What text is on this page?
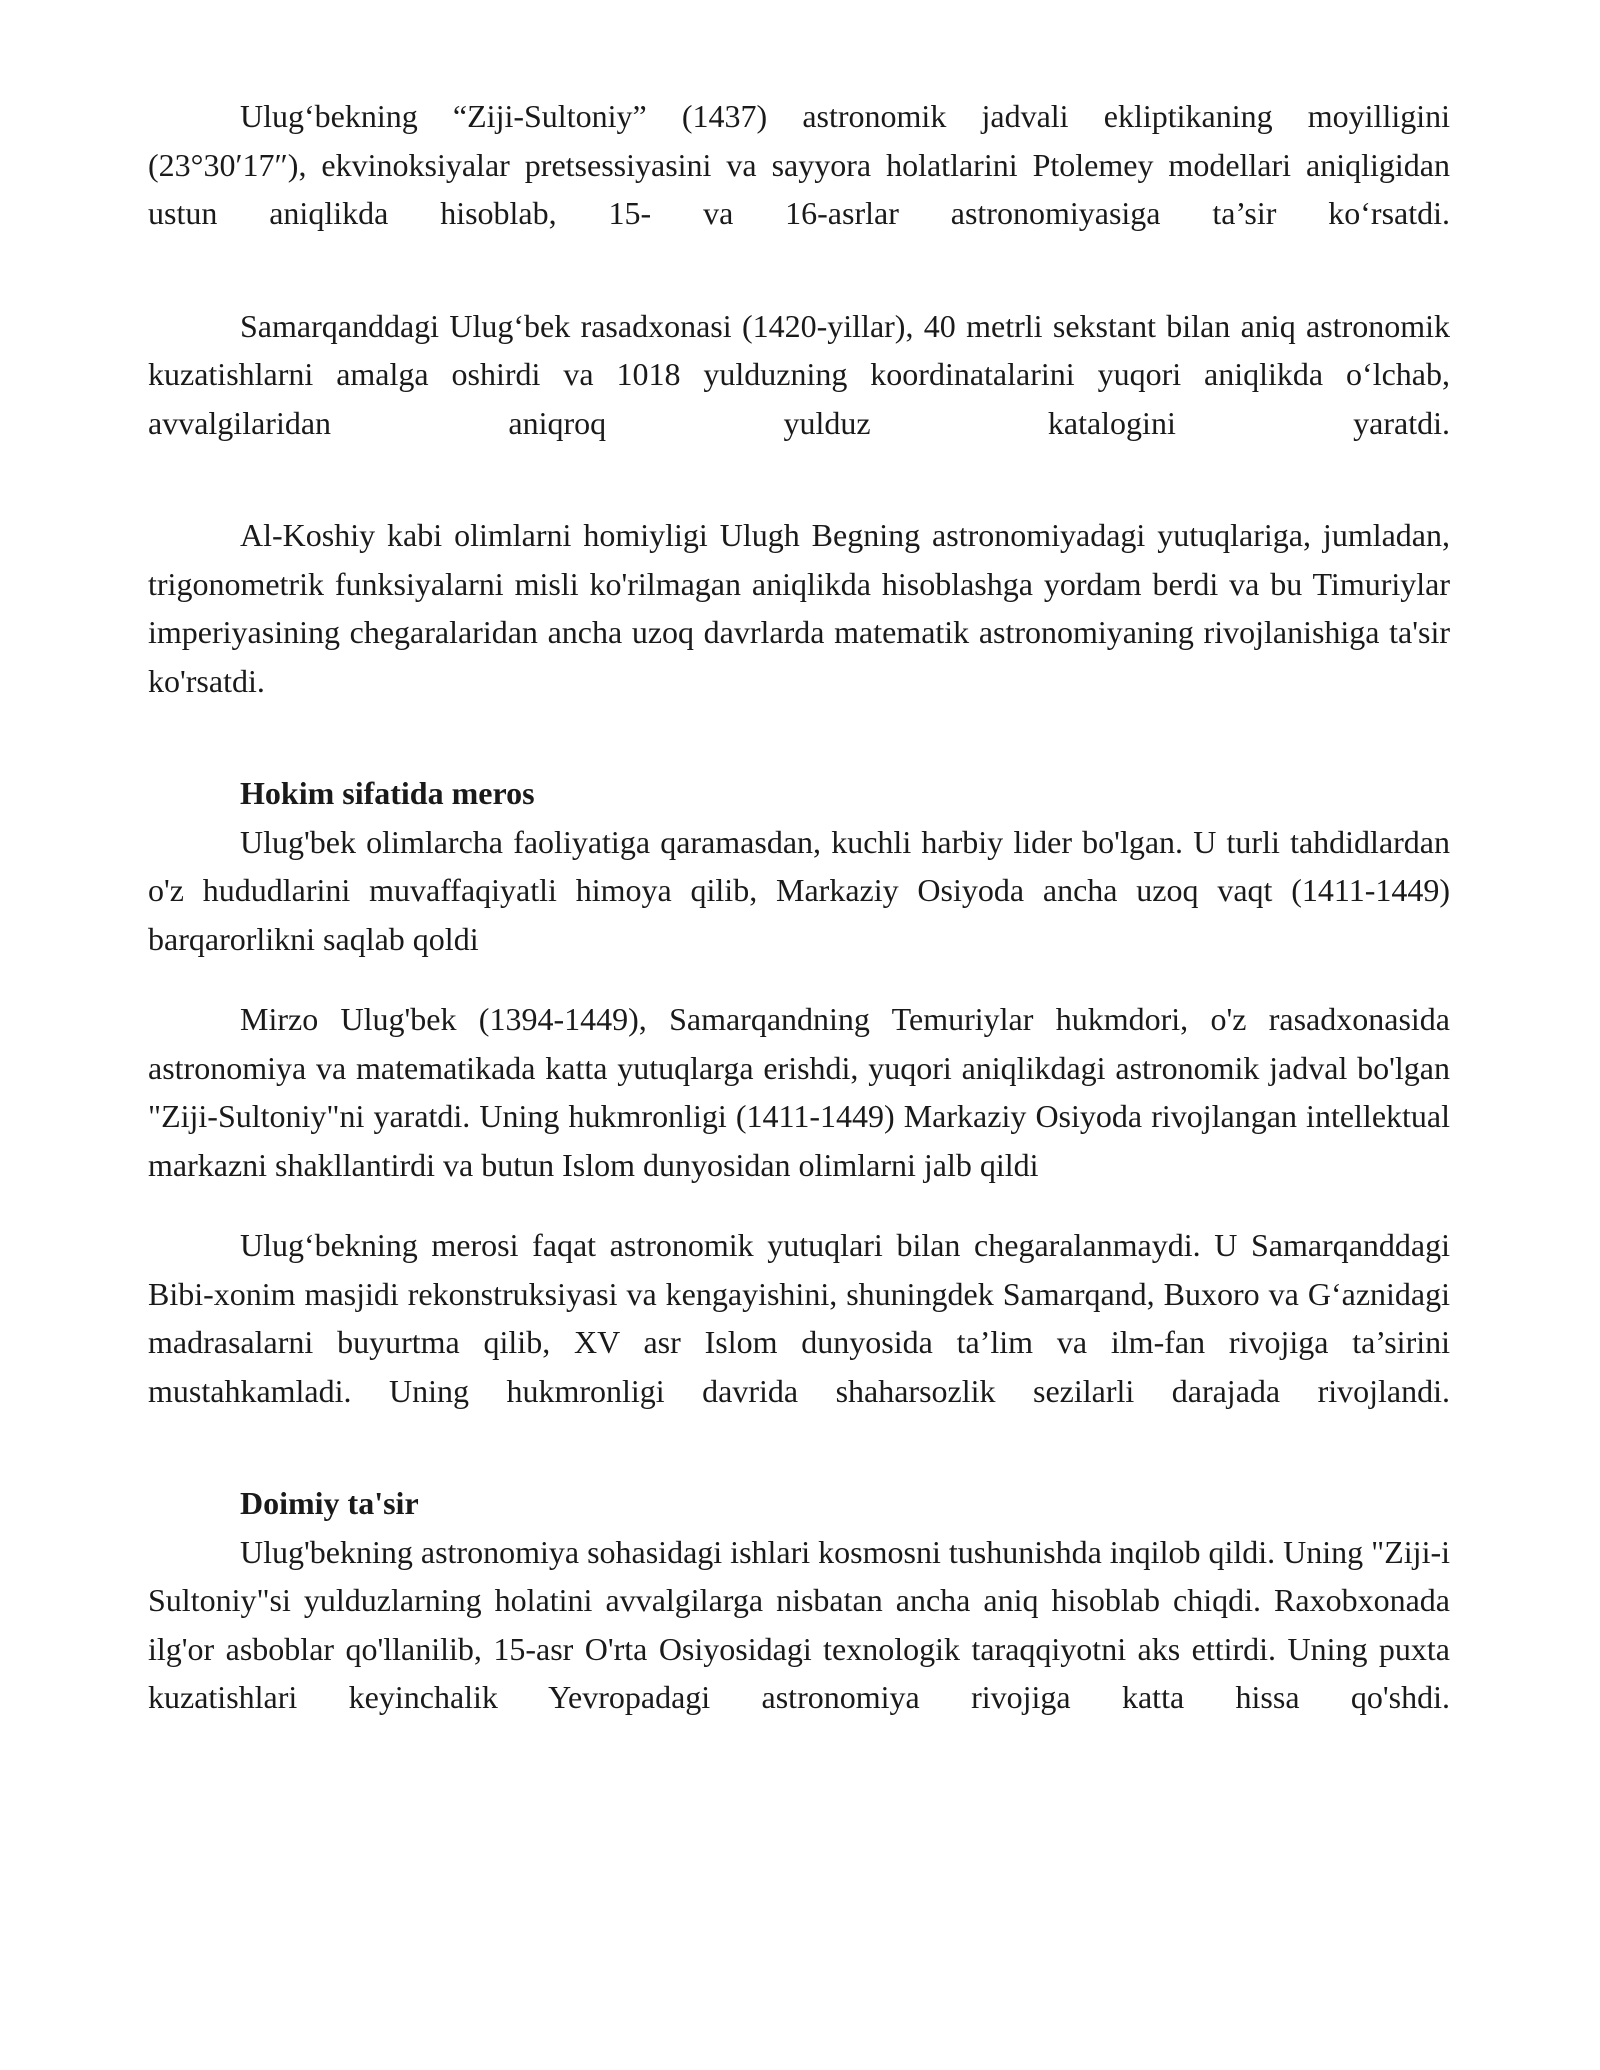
Ulug‘bekning “Ziji-Sultoniy” (1437) astronomik jadvali ekliptikaning moyilligini (23°30′17″), ekvinoksiyalar pretsessiyasini va sayyora holatlarini Ptolemey modellari aniqligidan ustun aniqlikda hisoblab, 15- va 16-asrlar astronomiyasiga ta’sir ko‘rsatdi.

Samarqanddagi Ulug‘bek rasadxonasi (1420-yillar), 40 metrli sekstant bilan aniq astronomik kuzatishlarni amalga oshirdi va 1018 yulduzning koordinatalarini yuqori aniqlikda o‘lchab, avvalgilaridan aniqroq yulduz katalogini yaratdi.

Al-Koshiy kabi olimlarni homiyligi Ulugh Begning astronomiyadagi yutuqlariga, jumladan, trigonometrik funksiyalarni misli ko'rilmagan aniqlikda hisoblashga yordam berdi va bu Timuriylar imperiyasining chegaralaridan ancha uzoq davrlarda matematik astronomiyaning rivojlanishiga ta'sir ko'rsatdi.

Hokim sifatida meros

Ulug'bek olimlarcha faoliyatiga qaramasdan, kuchli harbiy lider bo'lgan. U turli tahdidlardan o'z hududlarini muvaffaqiyatli himoya qilib, Markaziy Osiyoda ancha uzoq vaqt (1411-1449) barqarorlikni saqlab qoldi

Mirzo Ulug'bek (1394-1449), Samarqandning Temuriylar hukmdori, o'z rasadxonasida astronomiya va matematikada katta yutuqlarga erishdi, yuqori aniqlikdagi astronomik jadval bo'lgan "Ziji-Sultoniy"ni yaratdi. Uning hukmronligi (1411-1449) Markaziy Osiyoda rivojlangan intellektual markazni shakllantirdi va butun Islom dunyosidan olimlarni jalb qildi

Ulug‘bekning merosi faqat astronomik yutuqlari bilan chegaralanmaydi. U Samarqanddagi Bibi-xonim masjidi rekonstruksiyasi va kengayishini, shuningdek Samarqand, Buxoro va G‘aznidagi madrasalarni buyurtma qilib, XV asr Islom dunyosida ta’lim va ilm-fan rivojiga ta’sirini mustahkamladi. Uning hukmronligi davrida shaharsozlik sezilarli darajada rivojlandi.

Doimiy ta'sir

Ulug'bekning astronomiya sohasidagi ishlari kosmosni tushunishda inqilob qildi. Uning "Ziji-i Sultoniy"si yulduzlarning holatini avvalgilarga nisbatan ancha aniq hisoblab chiqdi. Raxobxonada ilg'or asboblar qo'llanilib, 15-asr O'rta Osiyosidagi texnologik taraqqiyotni aks ettirdi. Uning puxta kuzatishlari keyinchalik Yevropadagi astronomiya rivojiga katta hissa qo'shdi.
